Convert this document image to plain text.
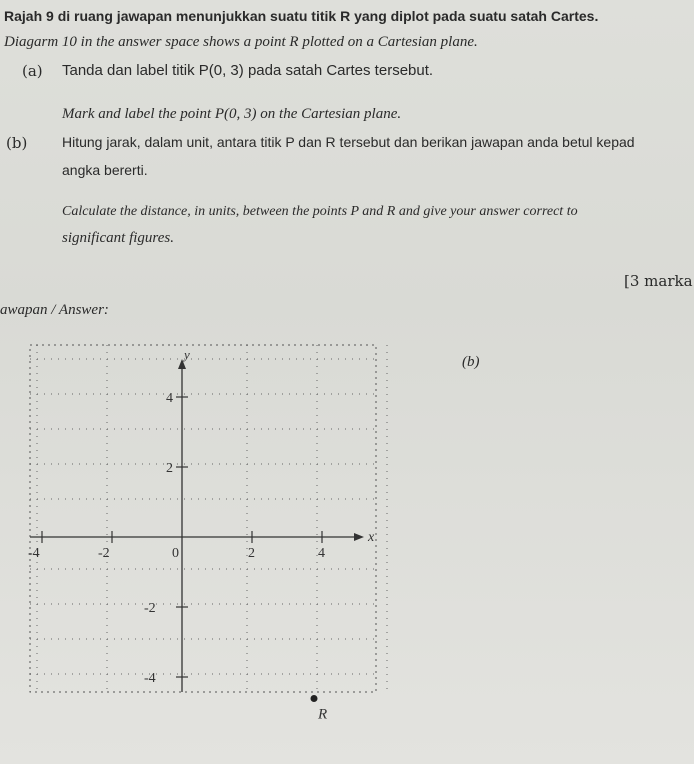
Rajah 9 di ruang jawapan menunjukkan suatu titik R yang diplot pada suatu satah Cartes.
Diagarm 10 in the answer space shows a point R plotted on a Cartesian plane.
(a) Tanda dan label titik P(0, 3) pada satah Cartes tersebut.
Mark and label the point P(0, 3) on the Cartesian plane.
(b) Hitung jarak, dalam unit, antara titik P dan R tersebut dan berikan jawapan anda betul kepad
angka bererti.
Calculate the distance, in units, between the points P and R and give your answer correct to
significant figures.
[3 marka
awapan / Answer:
(b)
x
y
-4	-2	0	2	4
4
2
-2
-4
R
